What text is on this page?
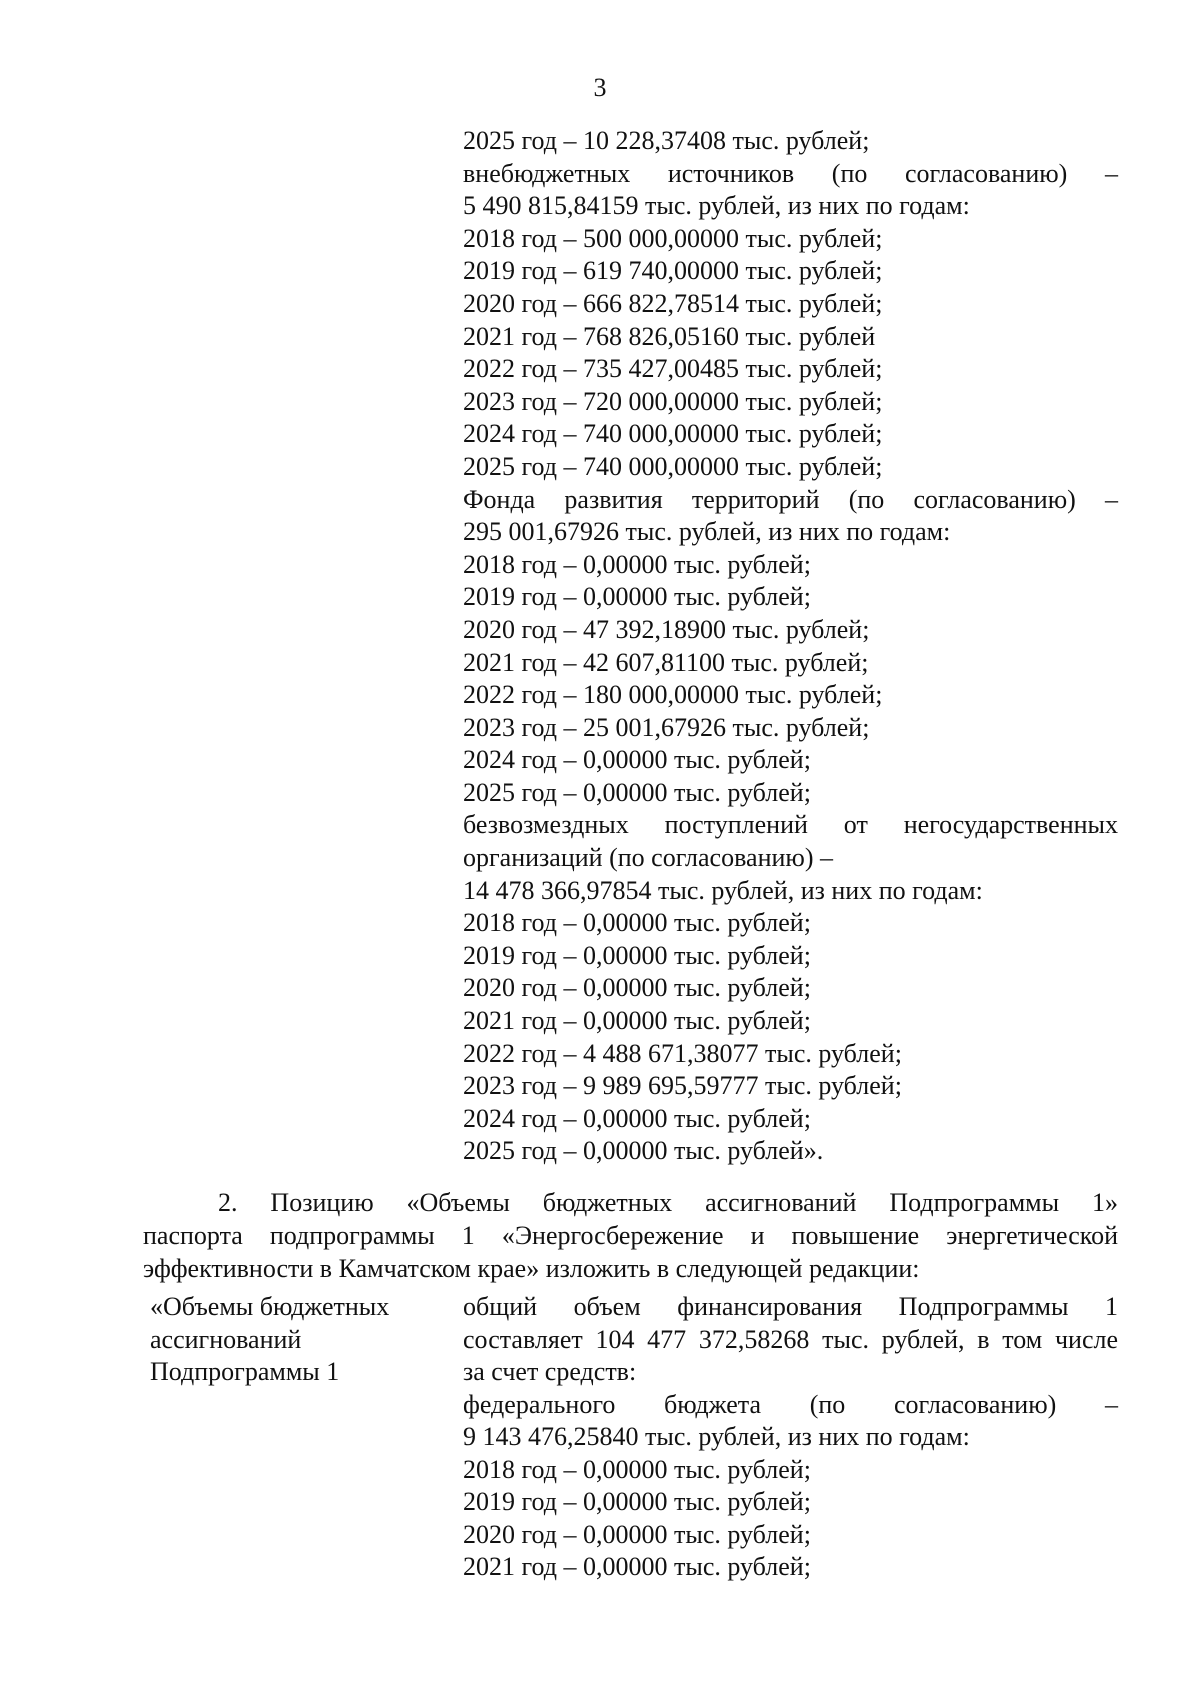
3
2025 год – 10 228,37408 тыс. рублей;
внебюджетных источников (по согласованию) –
5 490 815,84159 тыс. рублей, из них по годам:
2018 год – 500 000,00000 тыс. рублей;
2019 год – 619 740,00000 тыс. рублей;
2020 год – 666 822,78514 тыс. рублей;
2021 год – 768 826,05160 тыс. рублей
2022 год – 735 427,00485 тыс. рублей;
2023 год – 720 000,00000 тыс. рублей;
2024 год – 740 000,00000 тыс. рублей;
2025 год – 740 000,00000 тыс. рублей;
Фонда развития территорий (по согласованию) –
295 001,67926 тыс. рублей, из них по годам:
2018 год – 0,00000 тыс. рублей;
2019 год – 0,00000 тыс. рублей;
2020 год – 47 392,18900 тыс. рублей;
2021 год – 42 607,81100 тыс. рублей;
2022 год – 180 000,00000 тыс. рублей;
2023 год – 25 001,67926 тыс. рублей;
2024 год – 0,00000 тыс. рублей;
2025 год – 0,00000 тыс. рублей;
безвозмездных поступлений от негосударственных
организаций (по согласованию) –
14 478 366,97854 тыс. рублей, из них по годам:
2018 год – 0,00000 тыс. рублей;
2019 год – 0,00000 тыс. рублей;
2020 год – 0,00000 тыс. рублей;
2021 год – 0,00000 тыс. рублей;
2022 год – 4 488 671,38077 тыс. рублей;
2023 год – 9 989 695,59777 тыс. рублей;
2024 год – 0,00000 тыс. рублей;
2025 год – 0,00000 тыс. рублей».
2. Позицию «Объемы бюджетных ассигнований Подпрограммы 1»
паспорта подпрограммы 1 «Энергосбережение и повышение энергетической
эффективности в Камчатском крае» изложить в следующей редакции:
«Объемы бюджетных
ассигнований
Подпрограммы 1
общий объем финансирования Подпрограммы 1
составляет 104 477 372,58268 тыс. рублей, в том числе
за счет средств:
федерального бюджета (по согласованию) –
9 143 476,25840 тыс. рублей, из них по годам:
2018 год – 0,00000 тыс. рублей;
2019 год – 0,00000 тыс. рублей;
2020 год – 0,00000 тыс. рублей;
2021 год – 0,00000 тыс. рублей;
